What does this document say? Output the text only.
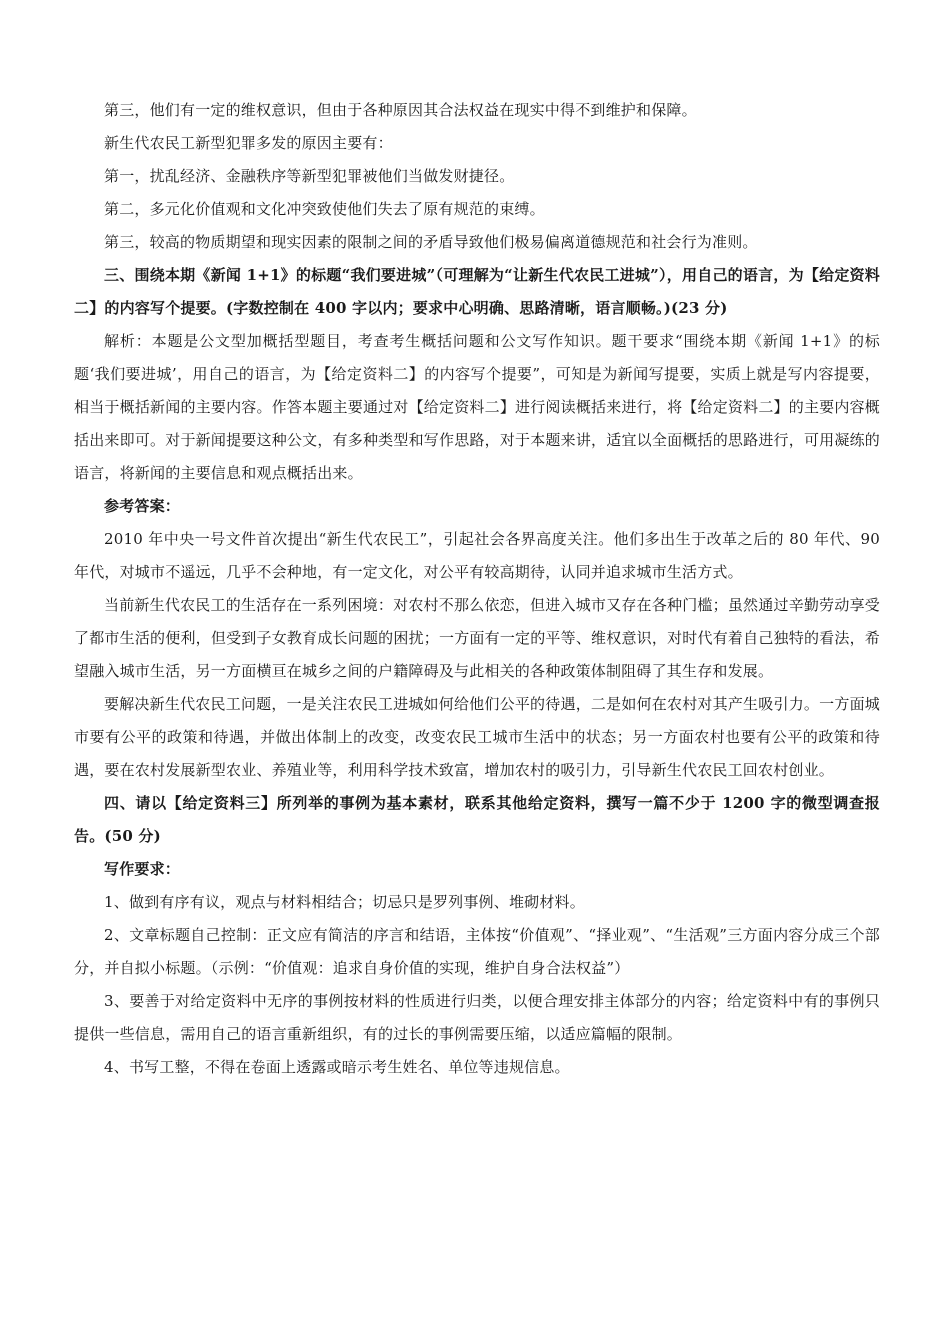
第三，他们有一定的维权意识，但由于各种原因其合法权益在现实中得不到维护和保障。

新生代农民工新型犯罪多发的原因主要有：

第一，扰乱经济、金融秩序等新型犯罪被他们当做发财捷径。

第二，多元化价值观和文化冲突致使他们失去了原有规范的束缚。

第三，较高的物质期望和现实因素的限制之间的矛盾导致他们极易偏离道德规范和社会行为准则。

三、围绕本期《新闻 1+1》的标题“我们要进城”（可理解为“让新生代农民工进城”），用自己的语言，为【给定资料二】的内容写个提要。(字数控制在 400 字以内；要求中心明确、思路清晰，语言顺畅。)(23 分)

解析：本题是公文型加概括型题目，考查考生概括问题和公文写作知识。题干要求“围绕本期《新闻 1+1》的标题‘我们要进城’，用自己的语言，为【给定资料二】的内容写个提要”，可知是为新闻写提要，实质上就是写内容提要，相当于概括新闻的主要内容。作答本题主要通过对【给定资料二】进行阅读概括来进行，将【给定资料二】的主要内容概括出来即可。对于新闻提要这种公文，有多种类型和写作思路，对于本题来讲，适宜以全面概括的思路进行，可用凝练的语言，将新闻的主要信息和观点概括出来。

参考答案：

2010 年中央一号文件首次提出“新生代农民工”，引起社会各界高度关注。他们多出生于改革之后的 80 年代、90 年代，对城市不遥远，几乎不会种地，有一定文化，对公平有较高期待，认同并追求城市生活方式。

当前新生代农民工的生活存在一系列困境：对农村不那么依恋，但进入城市又存在各种门槛；虽然通过辛勤劳动享受了都市生活的便利，但受到子女教育成长问题的困扰；一方面有一定的平等、维权意识，对时代有着自己独特的看法，希望融入城市生活，另一方面横亘在城乡之间的户籍障碍及与此相关的各种政策体制阻碍了其生存和发展。

要解决新生代农民工问题，一是关注农民工进城如何给他们公平的待遇，二是如何在农村对其产生吸引力。一方面城市要有公平的政策和待遇，并做出体制上的改变，改变农民工城市生活中的状态；另一方面农村也要有公平的政策和待遇，要在农村发展新型农业、养殖业等，利用科学技术致富，增加农村的吸引力，引导新生代农民工回农村创业。

四、请以【给定资料三】所列举的事例为基本素材，联系其他给定资料，撰写一篇不少于 1200 字的微型调查报告。(50 分)

写作要求：

1、做到有序有议，观点与材料相结合；切忌只是罗列事例、堆砌材料。

2、文章标题自己控制：正文应有简洁的序言和结语，主体按“价值观”、“择业观”、“生活观”三方面内容分成三个部分，并自拟小标题。（示例：“价值观：追求自身价值的实现，维护自身合法权益”）

3、要善于对给定资料中无序的事例按材料的性质进行归类，以便合理安排主体部分的内容；给定资料中有的事例只提供一些信息，需用自己的语言重新组织，有的过长的事例需要压缩，以适应篇幅的限制。

4、书写工整，不得在卷面上透露或暗示考生姓名、单位等违规信息。
